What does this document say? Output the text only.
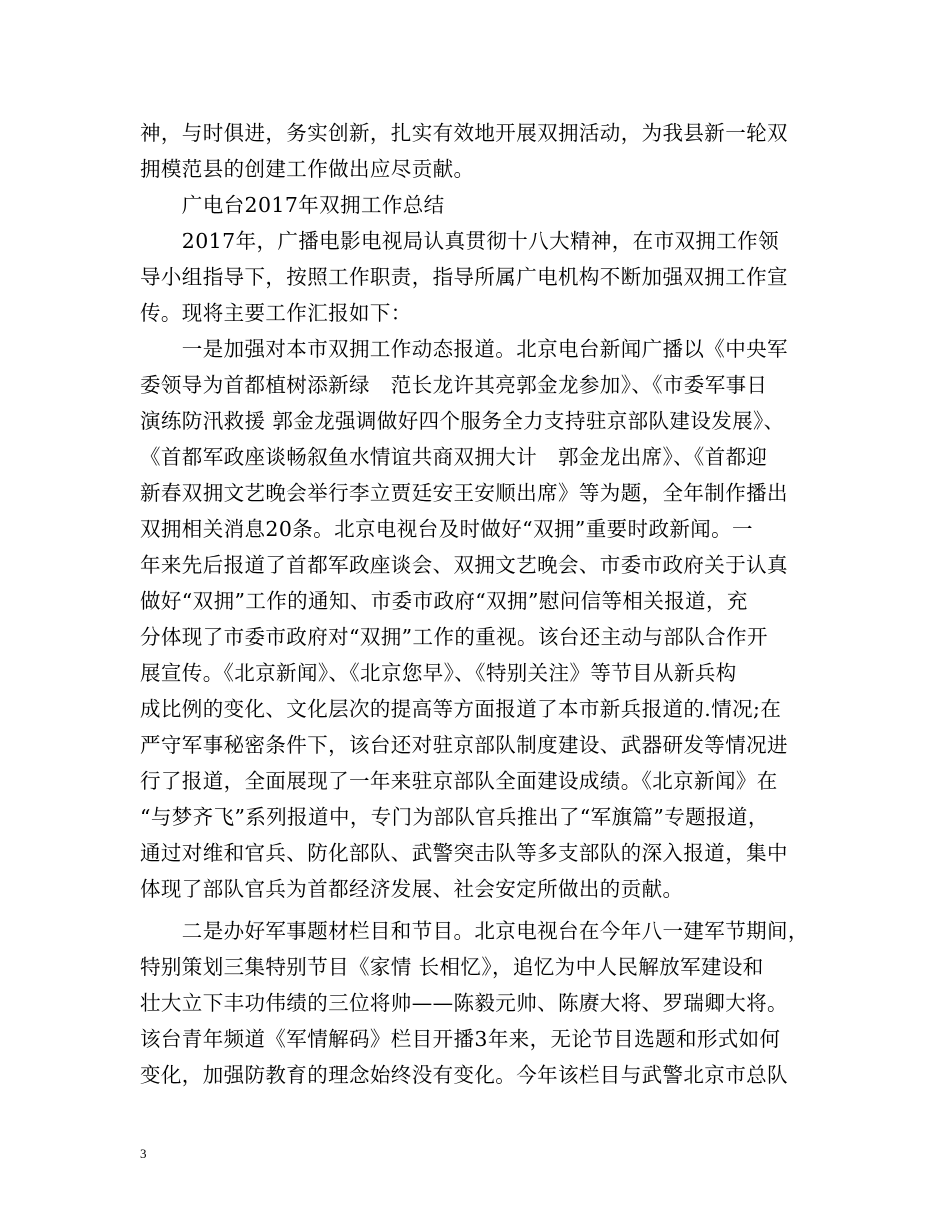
神，与时俱进，务实创新，扎实有效地开展双拥活动，为我县新一轮双
拥模范县的创建工作做出应尽贡献。
　　广电台2017年双拥工作总结
　　2017年，广播电影电视局认真贯彻十八大精神，在市双拥工作领
导小组指导下，按照工作职责，指导所属广电机构不断加强双拥工作宣
传。现将主要工作汇报如下：
　　一是加强对本市双拥工作动态报道。北京电台新闻广播以《中央军
委领导为首都植树添新绿　范长龙许其亮郭金龙参加》、《市委军事日
演练防汛救援 郭金龙强调做好四个服务全力支持驻京部队建设发展》、
《首都军政座谈畅叙鱼水情谊共商双拥大计　郭金龙出席》、《首都迎
新春双拥文艺晚会举行李立贾廷安王安顺出席》等为题，全年制作播出
双拥相关消息20条。北京电视台及时做好“双拥”重要时政新闻。一
年来先后报道了首都军政座谈会、双拥文艺晚会、市委市政府关于认真
做好“双拥”工作的通知、市委市政府“双拥”慰问信等相关报道，充
分体现了市委市政府对“双拥”工作的重视。该台还主动与部队合作开
展宣传。《北京新闻》、《北京您早》、《特别关注》等节目从新兵构
成比例的变化、文化层次的提高等方面报道了本市新兵报道的.情况;在
严守军事秘密条件下，该台还对驻京部队制度建设、武器研发等情况进
行了报道，全面展现了一年来驻京部队全面建设成绩。《北京新闻》在
“与梦齐飞”系列报道中，专门为部队官兵推出了“军旗篇”专题报道，
通过对维和官兵、防化部队、武警突击队等多支部队的深入报道，集中
体现了部队官兵为首都经济发展、社会安定所做出的贡献。
　　二是办好军事题材栏目和节目。北京电视台在今年八一建军节期间，
特别策划三集特别节目《家情 长相忆》，追忆为中人民解放军建设和
壮大立下丰功伟绩的三位将帅——陈毅元帅、陈赓大将、罗瑞卿大将。
该台青年频道《军情解码》栏目开播3年来，无论节目选题和形式如何
变化，加强防教育的理念始终没有变化。今年该栏目与武警北京市总队
3
